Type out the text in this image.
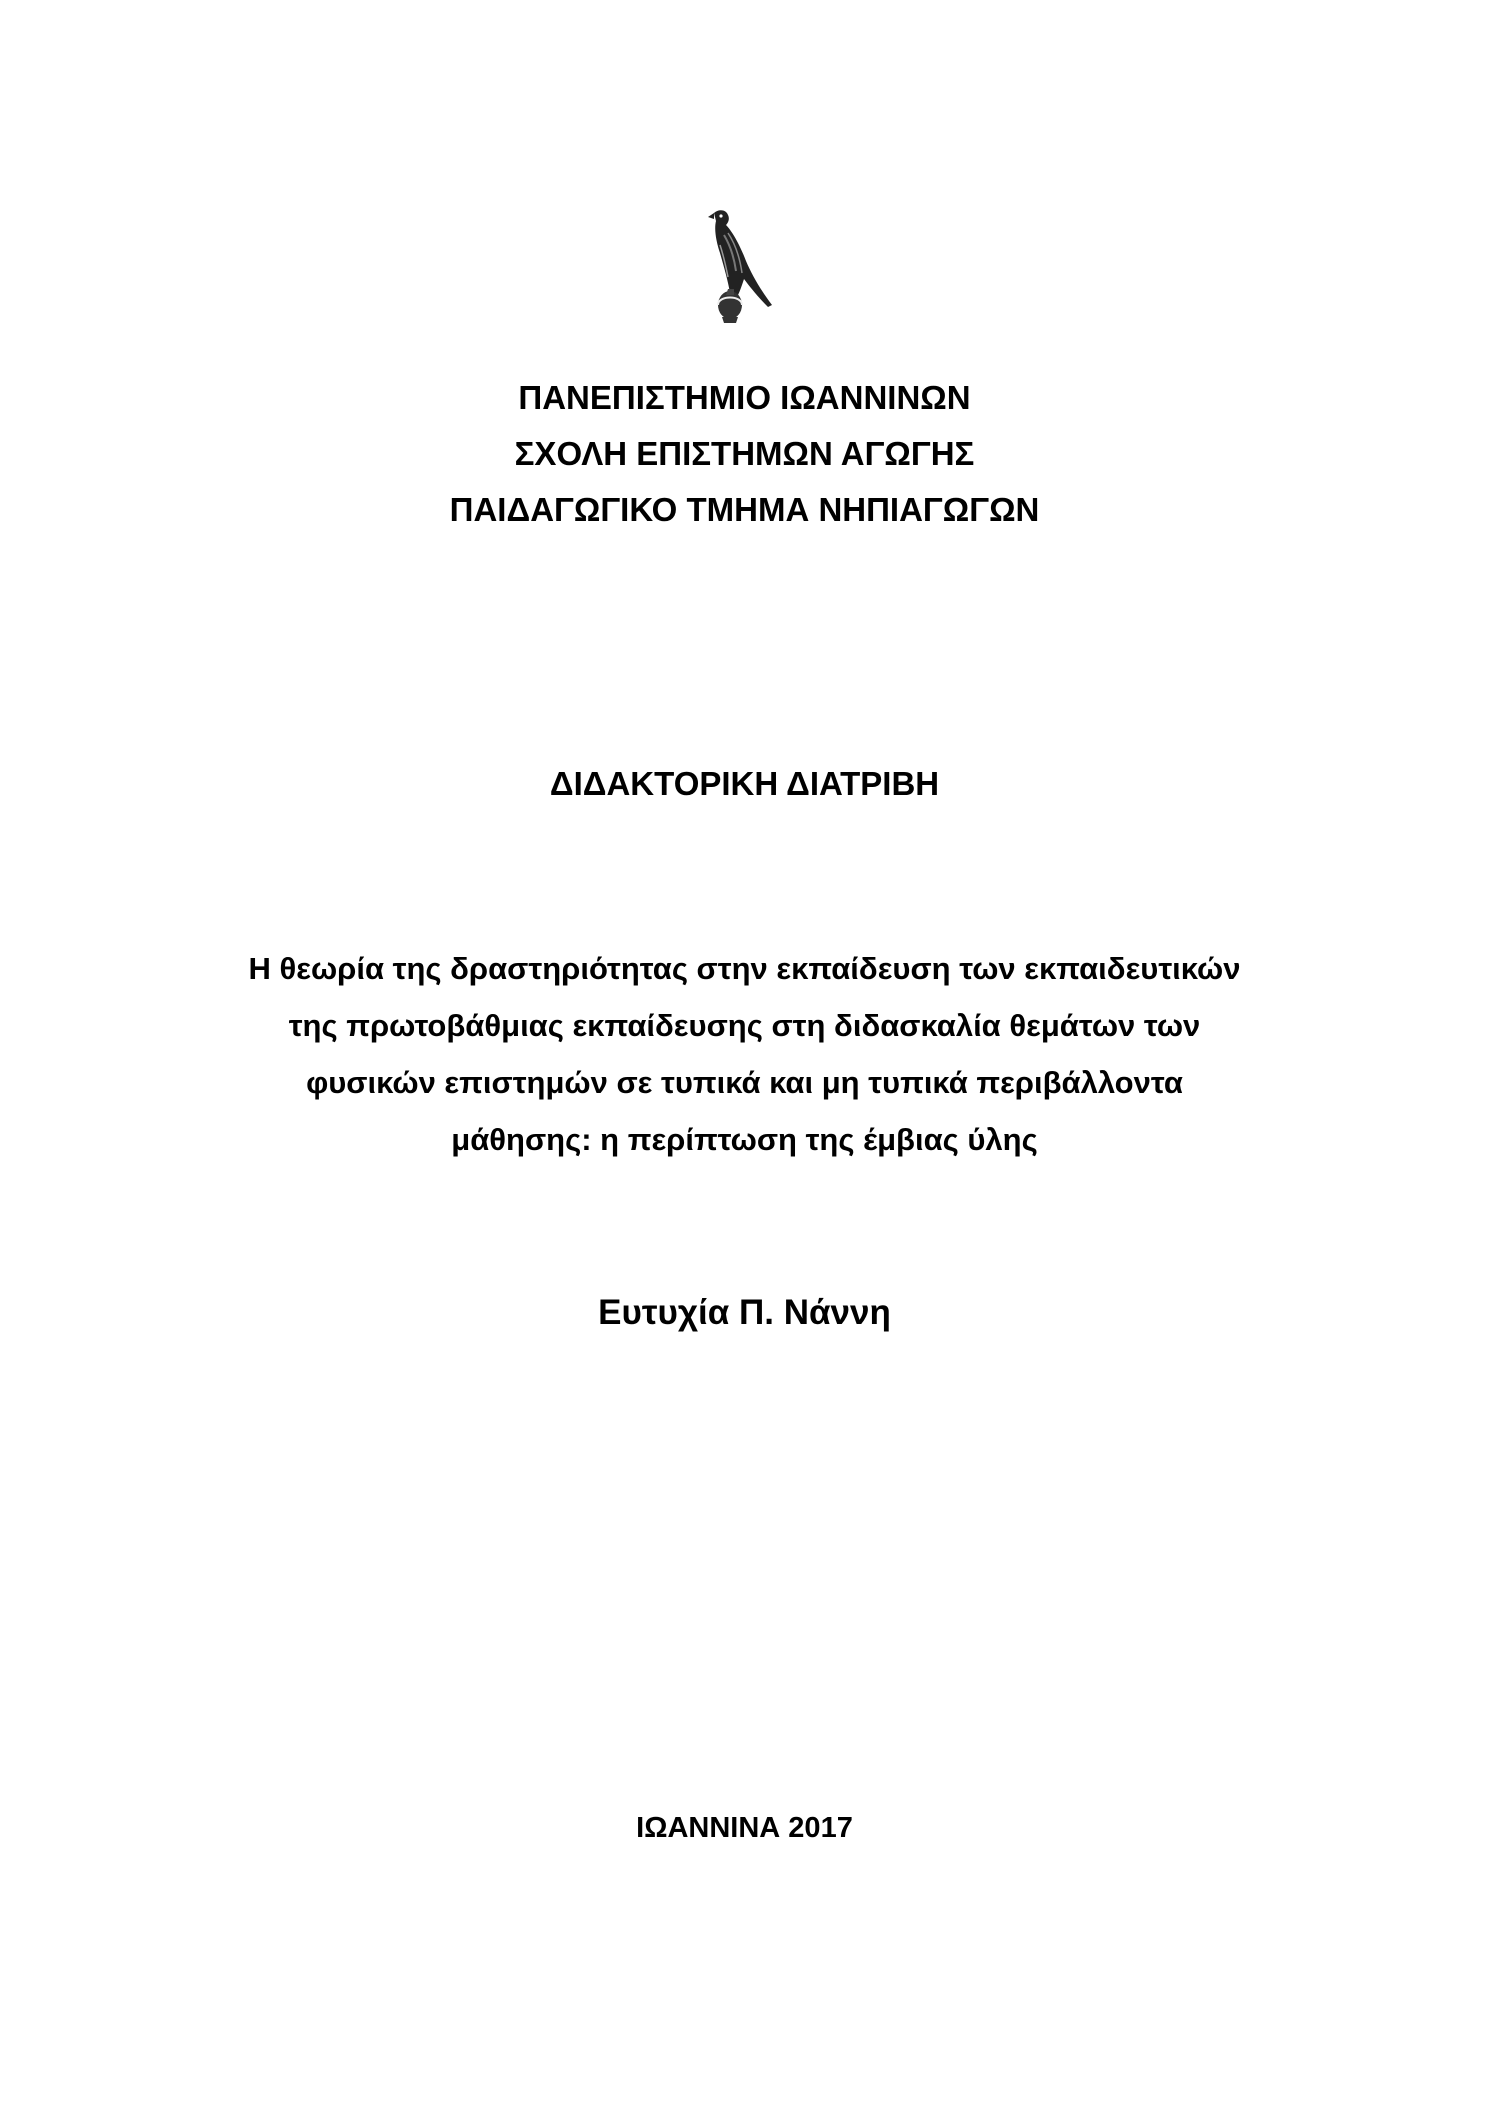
ΠΑΝΕΠΙΣΤΗΜΙΟ ΙΩΑΝΝΙΝΩΝ
ΣΧΟΛΗ ΕΠΙΣΤΗΜΩΝ ΑΓΩΓΗΣ
ΠΑΙΔΑΓΩΓΙΚΟ ΤΜΗΜΑ ΝΗΠΙΑΓΩΓΩΝ
ΔΙΔΑΚΤΟΡΙΚΗ ΔΙΑΤΡΙΒΗ
Η θεωρία της δραστηριότητας στην εκπαίδευση των εκπαιδευτικών
της πρωτοβάθμιας εκπαίδευσης στη διδασκαλία θεμάτων των
φυσικών επιστημών σε τυπικά και μη τυπικά περιβάλλοντα
μάθησης: η περίπτωση της έμβιας ύλης
Ευτυχία Π. Νάννη
ΙΩΑΝΝΙΝΑ 2017
